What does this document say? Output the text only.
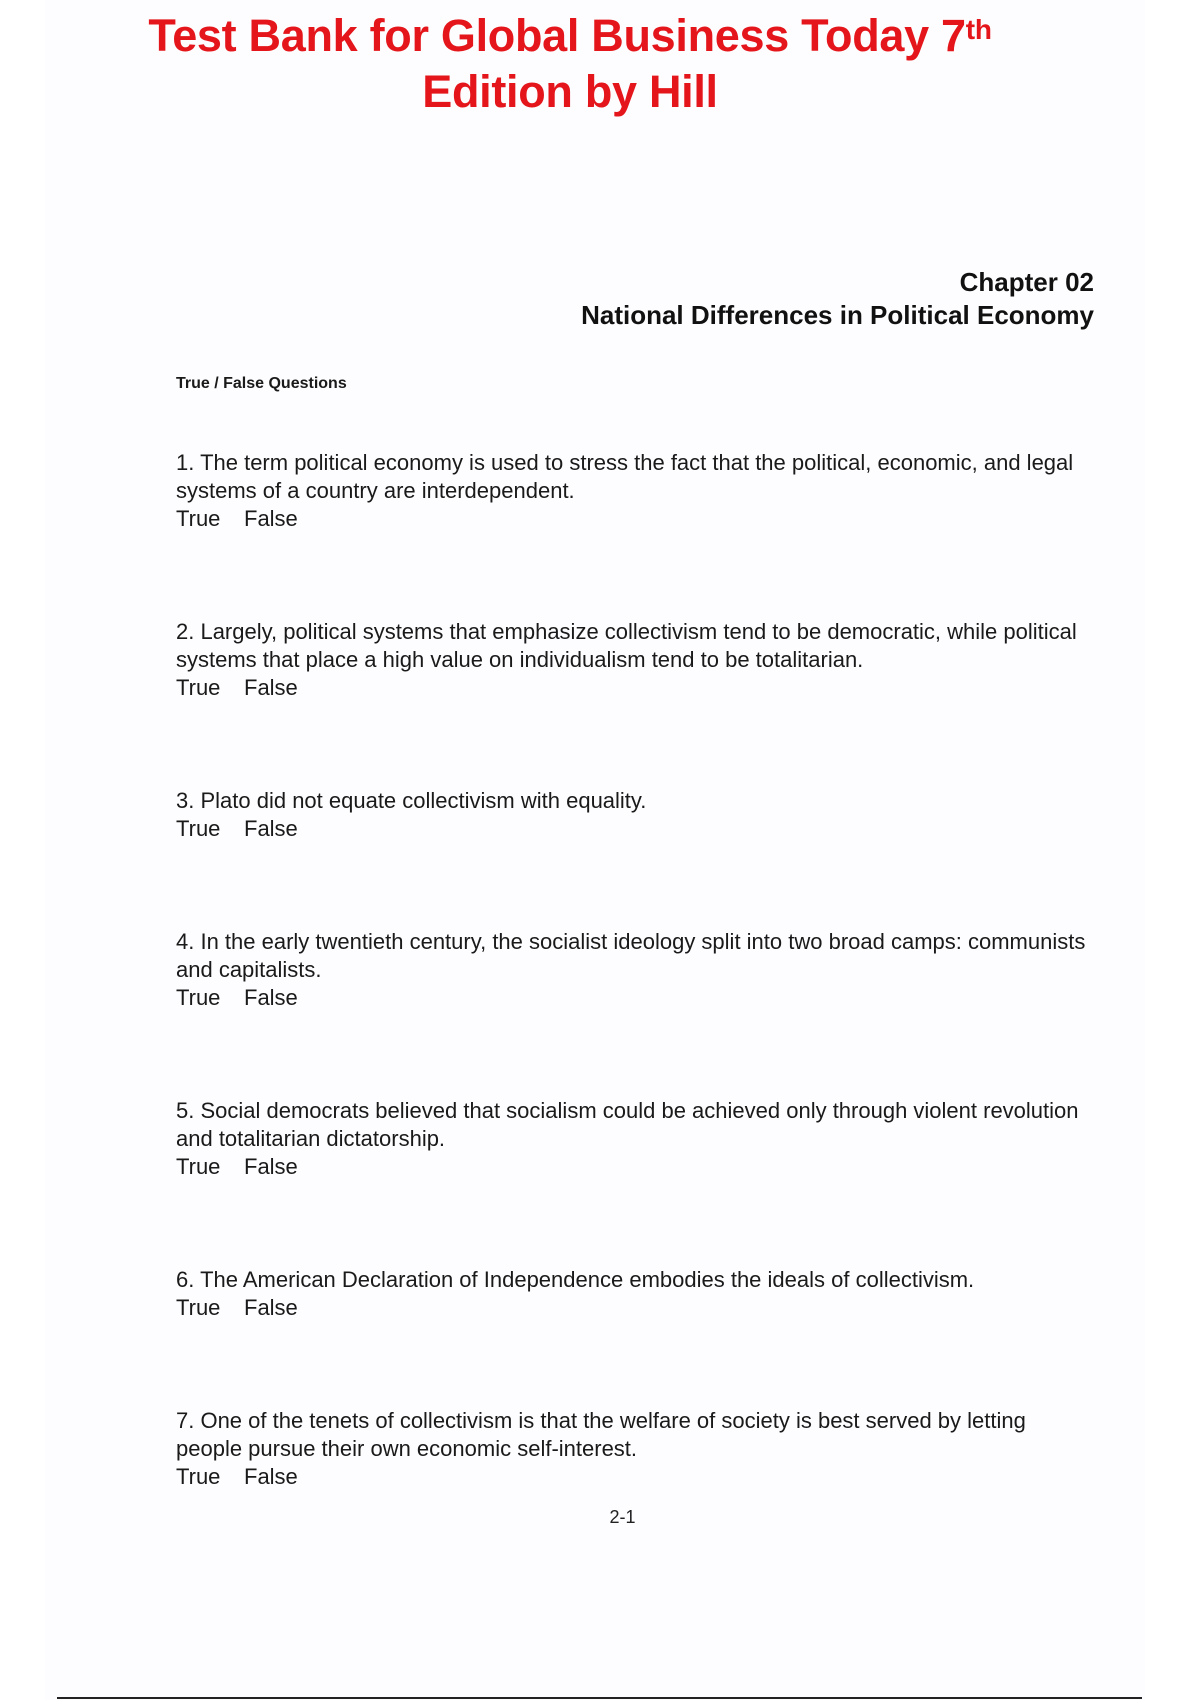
Test Bank for Global Business Today 7th
Edition by Hill
Chapter 02
National Differences in Political Economy
True / False Questions
1. The term political economy is used to stress the fact that the political, economic, and legal systems of a country are interdependent.
True False
2. Largely, political systems that emphasize collectivism tend to be democratic, while political systems that place a high value on individualism tend to be totalitarian.
True False
3. Plato did not equate collectivism with equality.
True False
4. In the early twentieth century, the socialist ideology split into two broad camps: communists and capitalists.
True False
5. Social democrats believed that socialism could be achieved only through violent revolution and totalitarian dictatorship.
True False
6. The American Declaration of Independence embodies the ideals of collectivism.
True False
7. One of the tenets of collectivism is that the welfare of society is best served by letting people pursue their own economic self-interest.
True False
2-1
